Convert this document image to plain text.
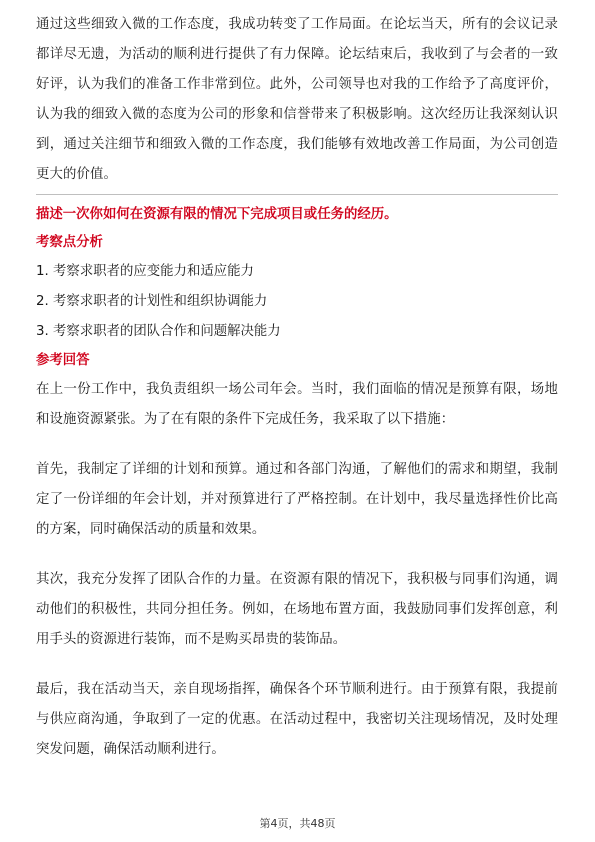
通过这些细致入微的工作态度，我成功转变了工作局面。在论坛当天，所有的会议记录都详尽无遗，为活动的顺利进行提供了有力保障。论坛结束后，我收到了与会者的一致好评，认为我们的准备工作非常到位。此外，公司领导也对我的工作给予了高度评价，认为我的细致入微的态度为公司的形象和信誉带来了积极影响。这次经历让我深刻认识到，通过关注细节和细致入微的工作态度，我们能够有效地改善工作局面，为公司创造更大的价值。

描述一次你如何在资源有限的情况下完成项目或任务的经历。

考察点分析

1. 考察求职者的应变能力和适应能力
2. 考察求职者的计划性和组织协调能力
3. 考察求职者的团队合作和问题解决能力

参考回答

在上一份工作中，我负责组织一场公司年会。当时，我们面临的情况是预算有限，场地和设施资源紧张。为了在有限的条件下完成任务，我采取了以下措施：

首先，我制定了详细的计划和预算。通过和各部门沟通，了解他们的需求和期望，我制定了一份详细的年会计划，并对预算进行了严格控制。在计划中，我尽量选择性价比高的方案，同时确保活动的质量和效果。

其次，我充分发挥了团队合作的力量。在资源有限的情况下，我积极与同事们沟通，调动他们的积极性，共同分担任务。例如，在场地布置方面，我鼓励同事们发挥创意，利用手头的资源进行装饰，而不是购买昂贵的装饰品。

最后，我在活动当天，亲自现场指挥，确保各个环节顺利进行。由于预算有限，我提前与供应商沟通，争取到了一定的优惠。在活动过程中，我密切关注现场情况，及时处理突发问题，确保活动顺利进行。

第4页，共48页
